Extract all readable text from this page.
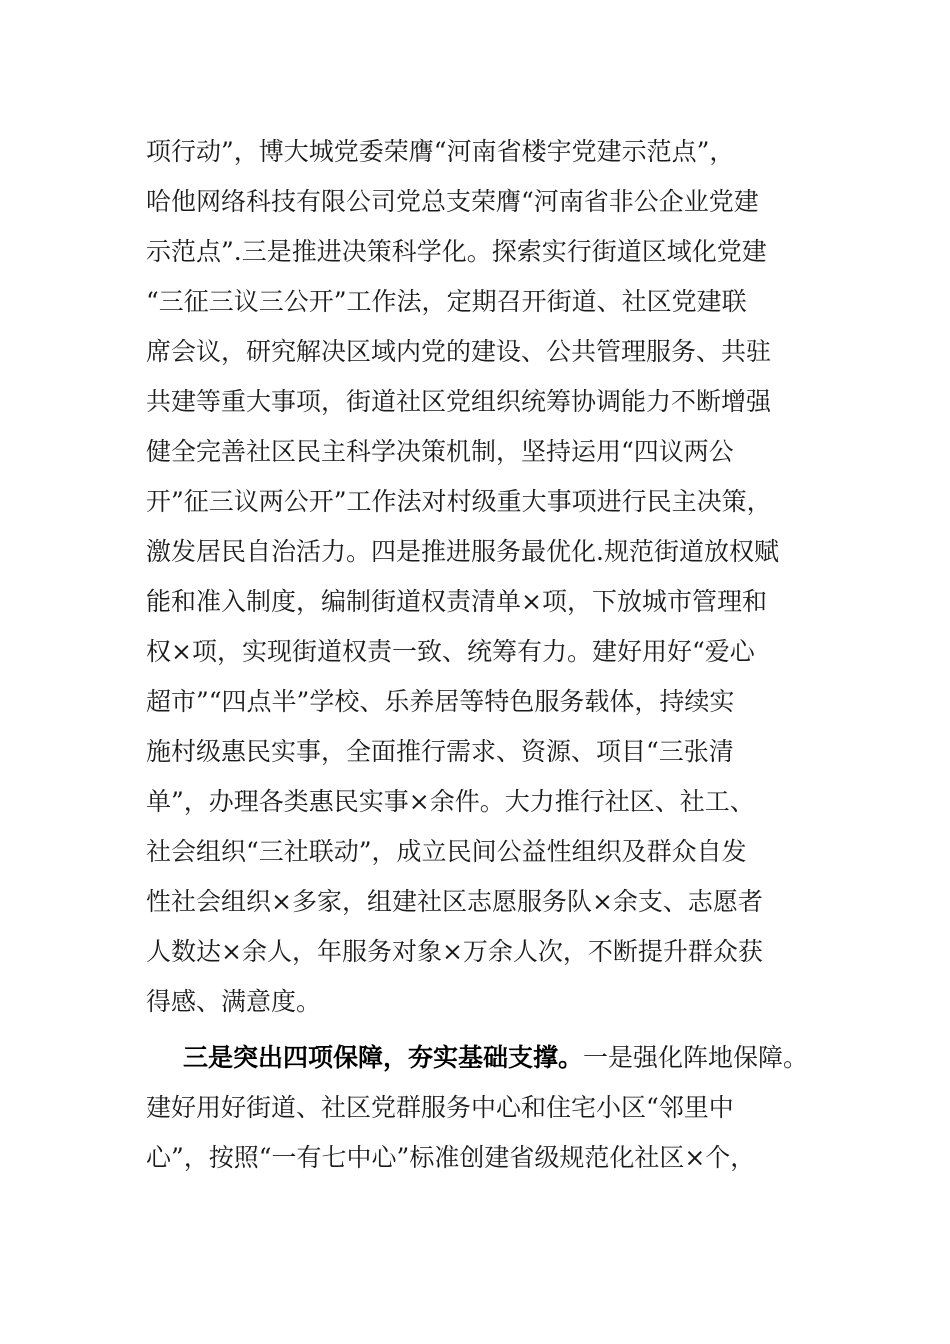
项行动”，博大城党委荣膺“河南省楼宇党建示范点”，
哈他网络科技有限公司党总支荣膺“河南省非公企业党建
示范点”.三是推进决策科学化。探索实行街道区域化党建
“三征三议三公开”工作法，定期召开街道、社区党建联
席会议，研究解决区域内党的建设、公共管理服务、共驻
共建等重大事项，街道社区党组织统筹协调能力不断增强
健全完善社区民主科学决策机制，坚持运用“四议两公
开”征三议两公开”工作法对村级重大事项进行民主决策，
激发居民自治活力。四是推进服务最优化.规范街道放权赋
能和准入制度，编制街道权责清单×项，下放城市管理和
权×项，实现街道权责一致、统筹有力。建好用好“爱心
超市”“四点半”学校、乐养居等特色服务载体，持续实
施村级惠民实事，全面推行需求、资源、项目“三张清
单”，办理各类惠民实事×余件。大力推行社区、社工、
社会组织“三社联动”，成立民间公益性组织及群众自发
性社会组织×多家，组建社区志愿服务队×余支、志愿者
人数达×余人，年服务对象×万余人次，不断提升群众获
得感、满意度。
三是突出四项保障，夯实基础支撑。一是强化阵地保障。
建好用好街道、社区党群服务中心和住宅小区“邻里中
心”，按照“一有七中心”标准创建省级规范化社区×个，
